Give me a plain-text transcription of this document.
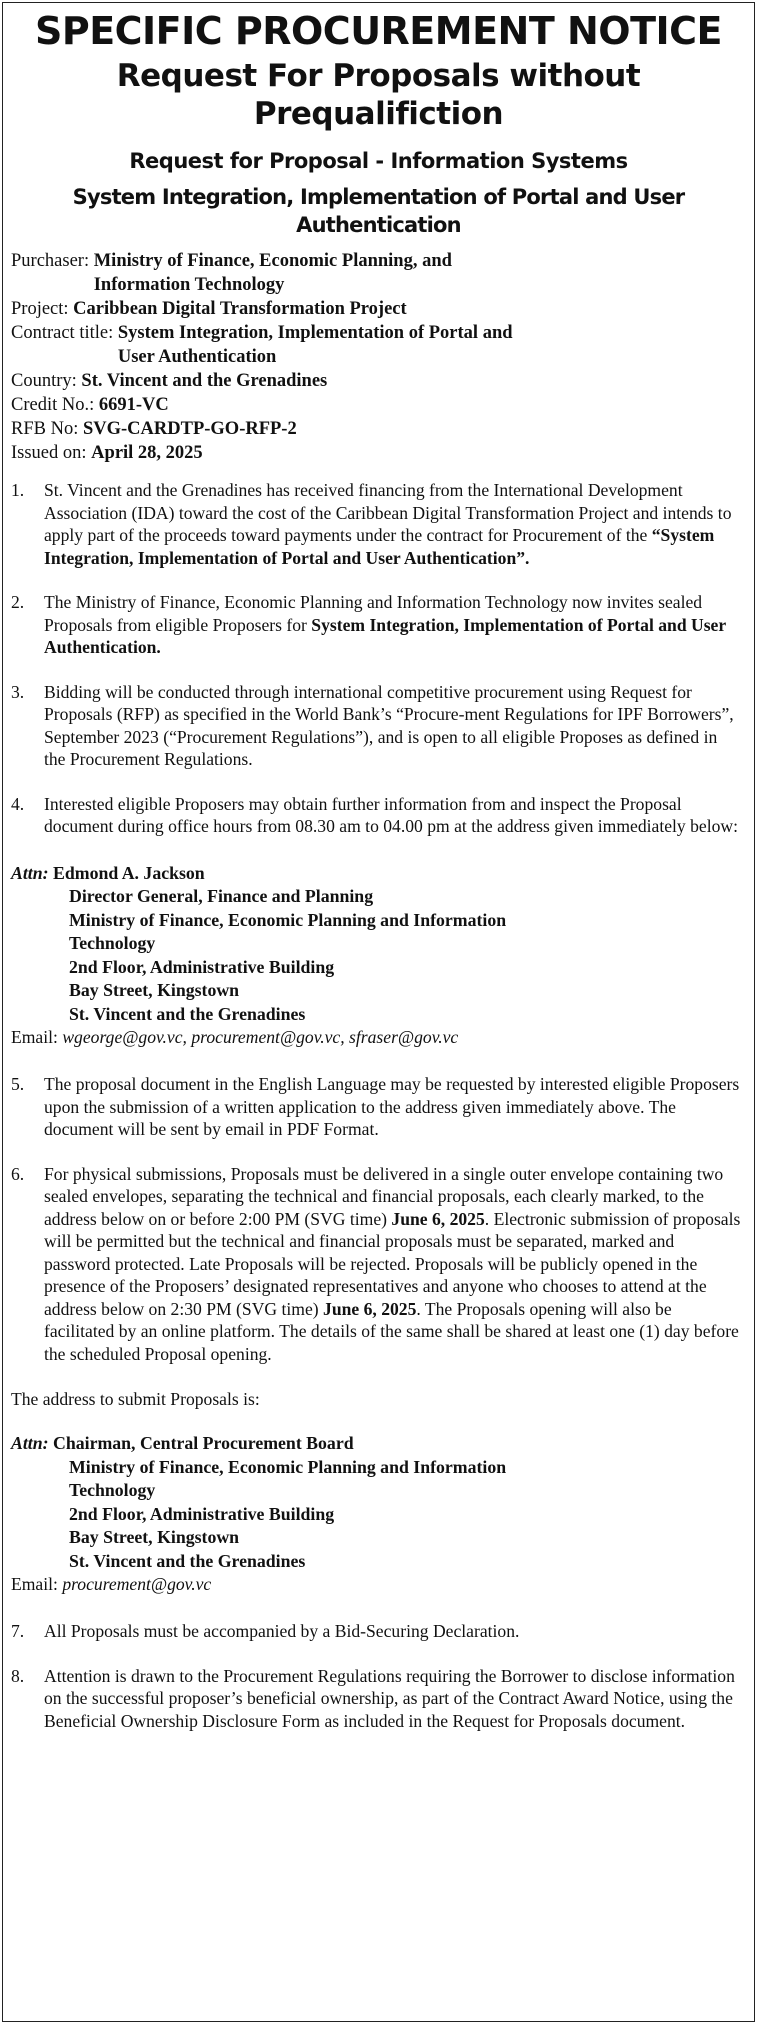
SPECIFIC PROCUREMENT NOTICE
Request For Proposals without Prequalifiction
Request for Proposal - Information Systems
System Integration, Implementation of Portal and User Authentication
Purchaser: Ministry of Finance, Economic Planning, and
Information Technology
Project: Caribbean Digital Transformation Project
Contract title: System Integration, Implementation of Portal and
User Authentication
Country: St. Vincent and the Grenadines
Credit No.: 6691-VC
RFB No: SVG-CARDTP-GO-RFP-2
Issued on: April 28, 2025
1.	St. Vincent and the Grenadines has received financing from the International Development Association (IDA) toward the cost of the Caribbean Digital Transformation Project and intends to apply part of the proceeds toward payments under the contract for Procurement of the “System Integration, Implementation of Portal and User Authentication”.
2.	The Ministry of Finance, Economic Planning and Information Technology now invites sealed Proposals from eligible Proposers for System Integration, Implementation of Portal and User Authentication.
3.	Bidding will be conducted through international competitive procurement using Request for Proposals (RFP) as specified in the World Bank’s “Procure-ment Regulations for IPF Borrowers”, September 2023 (“Procurement Regulations”), and is open to all eligible Proposes as defined in the Procurement Regulations.
4.	Interested eligible Proposers may obtain further information from and inspect the Proposal document during office hours from 08.30 am to 04.00 pm at the address given immediately below:
Attn: Edmond A. Jackson
Director General, Finance and Planning
Ministry of Finance, Economic Planning and Information
Technology
2nd Floor, Administrative Building
Bay Street, Kingstown
St. Vincent and the Grenadines
Email: wgeorge@gov.vc, procurement@gov.vc, sfraser@gov.vc
5.	The proposal document in the English Language may be requested by interested eligible Proposers upon the submission of a written application to the address given immediately above. The document will be sent by email in PDF Format.
6.	For physical submissions, Proposals must be delivered in a single outer envelope containing two sealed envelopes, separating the technical and financial proposals, each clearly marked, to the address below on or before 2:00 PM (SVG time) June 6, 2025. Electronic submission of proposals will be permitted but the technical and financial proposals must be separated, marked and password protected. Late Proposals will be rejected. Proposals will be publicly opened in the presence of the Proposers’ designated representatives and anyone who chooses to attend at the address below on 2:30 PM (SVG time) June 6, 2025. The Proposals opening will also be facilitated by an online platform. The details of the same shall be shared at least one (1) day before the scheduled Proposal opening.
The address to submit Proposals is:
Attn: Chairman, Central Procurement Board
Ministry of Finance, Economic Planning and Information
Technology
2nd Floor, Administrative Building
Bay Street, Kingstown
St. Vincent and the Grenadines
Email: procurement@gov.vc
7.	All Proposals must be accompanied by a Bid-Securing Declaration.
8.	Attention is drawn to the Procurement Regulations requiring the Borrower to disclose information on the successful proposer’s beneficial ownership, as part of the Contract Award Notice, using the Beneficial Ownership Disclosure Form as included in the Request for Proposals document.
